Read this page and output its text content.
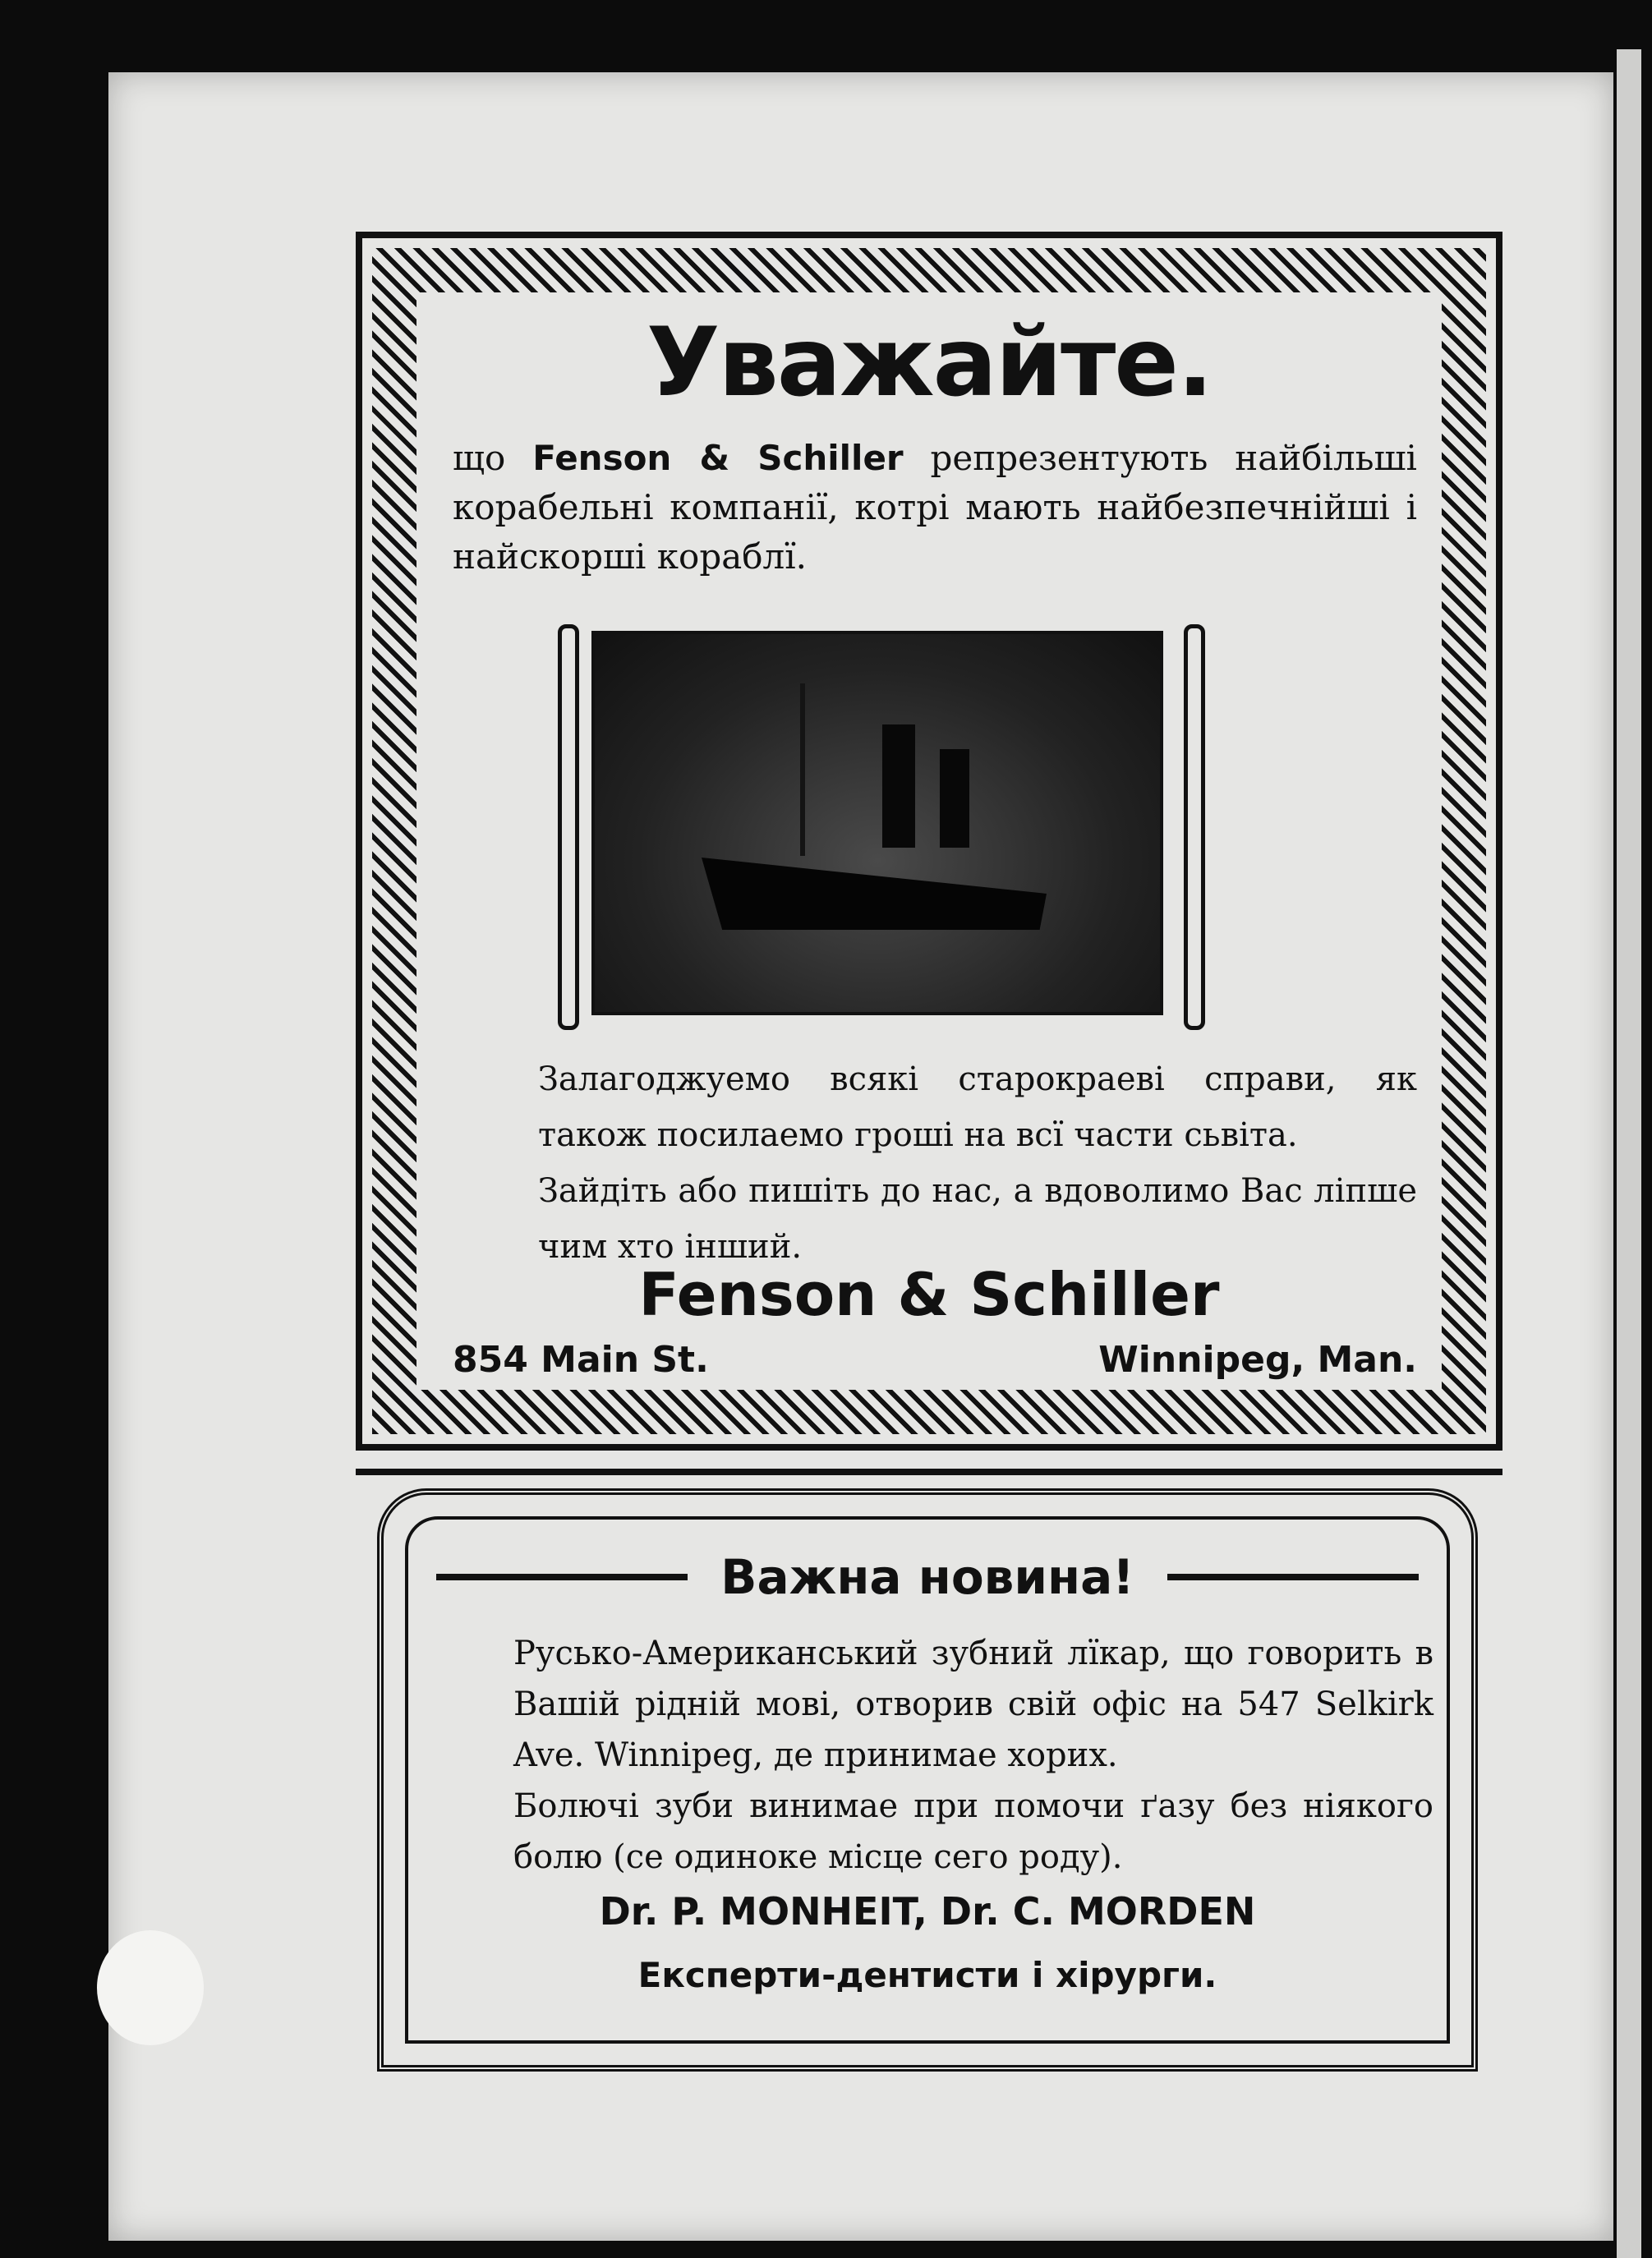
Уважайте.
що Fenson & Schiller репрезентують найбільші корабельні компанії, котрі мають найбезпечнійші і найскорші кораблї.
Залагоджуемо всякі старокраеві справи, як також посилаемо гроші на всї части сьвіта.
Зайдіть або пишіть до нас, а вдоволимо Вас ліпше чим хто інший.
Fenson & Schiller
854 Main St.	Winnipeg, Man.
Важна новина!
Русько-Американський зубний лїкар, що говорить в Вашій рідній мові, отворив свій офіс на 547 Selkirk Ave. Winnipeg, де принимае хорих.
Болючі зуби винимае при помочи ґазу без ніякого болю (се одиноке місце сего роду).
Dr. P. MONHEIT, Dr. C. MORDEN
Експерти-дентисти і хірурги.
